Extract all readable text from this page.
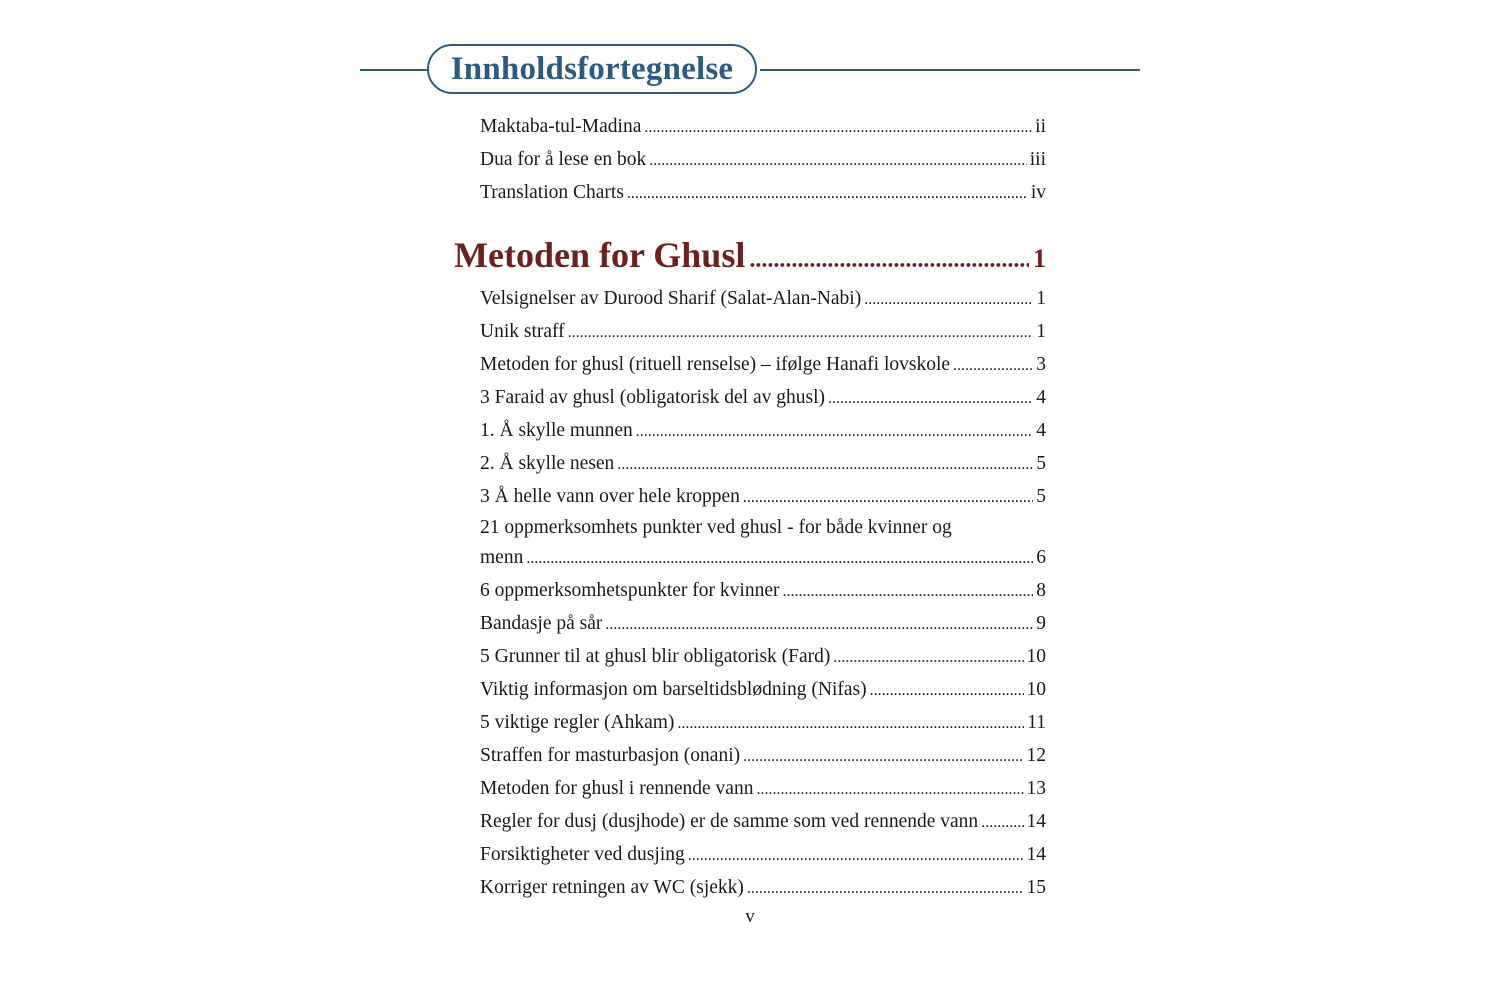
Innholdsfortegnelse
Maktaba-tul-Madina .....	ii
Dua for å lese en bok .....	iii
Translation Charts .....	iv
Metoden for Ghusl .....	1
Velsignelser av Durood Sharif (Salat-Alan-Nabi) .....	1
Unik straff .....	1
Metoden for ghusl (rituell renselse) – ifølge Hanafi lovskole .....	3
3 Faraid av ghusl (obligatorisk del av ghusl) .....	4
1. Å skylle munnen .....	4
2. Å skylle nesen .....	5
3 Å helle vann over hele kroppen .....	5
21 oppmerksomhets punkter ved ghusl - for både kvinner og
menn .....	6
6 oppmerksomhetspunkter for kvinner .....	8
Bandasje på sår .....	9
5 Grunner til at ghusl blir obligatorisk (Fard) .....	10
Viktig informasjon om barseltidsblødning (Nifas) .....	10
5 viktige regler (Ahkam) .....	11
Straffen for masturbasjon (onani) .....	12
Metoden for ghusl i rennende vann .....	13
Regler for dusj (dusjhode) er de samme som ved rennende vann ..... 14
Forsiktigheter ved dusjing .....	14
Korriger retningen av WC (sjekk) .....	15
v
